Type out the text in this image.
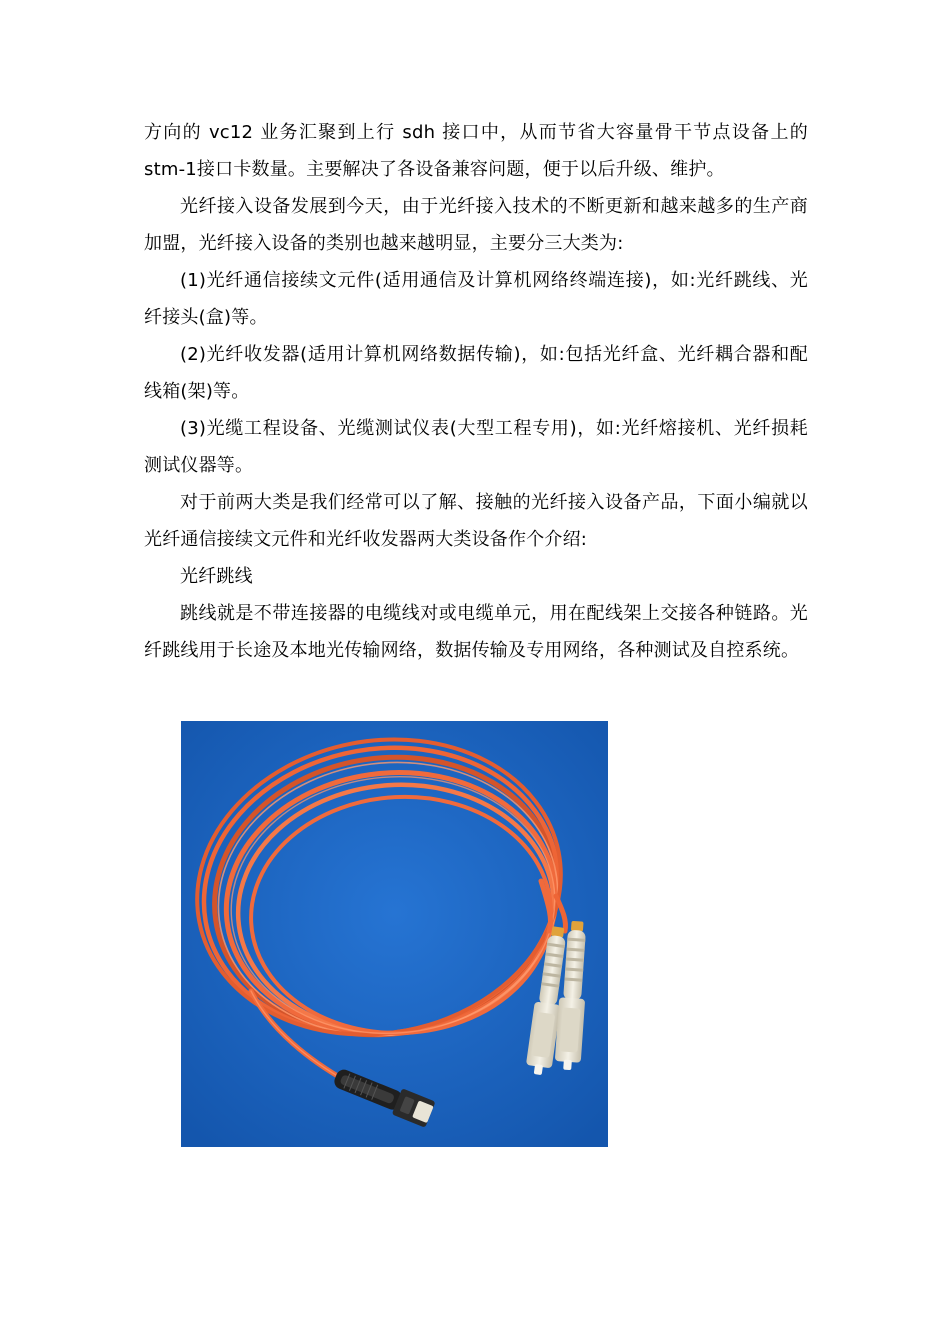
方向的 vc12 业务汇聚到上行 sdh 接口中，从而节省大容量骨干节点设备上的stm-1接口卡数量。主要解决了各设备兼容问题，便于以后升级、维护。

光纤接入设备发展到今天，由于光纤接入技术的不断更新和越来越多的生产商加盟，光纤接入设备的类别也越来越明显，主要分三大类为:

(1)光纤通信接续文元件(适用通信及计算机网络终端连接)，如:光纤跳线、光纤接头(盒)等。

(2)光纤收发器(适用计算机网络数据传输)，如:包括光纤盒、光纤耦合器和配线箱(架)等。

(3)光缆工程设备、光缆测试仪表(大型工程专用)，如:光纤熔接机、光纤损耗测试仪器等。

对于前两大类是我们经常可以了解、接触的光纤接入设备产品，下面小编就以光纤通信接续文元件和光纤收发器两大类设备作个介绍:

光纤跳线

跳线就是不带连接器的电缆线对或电缆单元，用在配线架上交接各种链路。光纤跳线用于长途及本地光传输网络，数据传输及专用网络，各种测试及自控系统。
